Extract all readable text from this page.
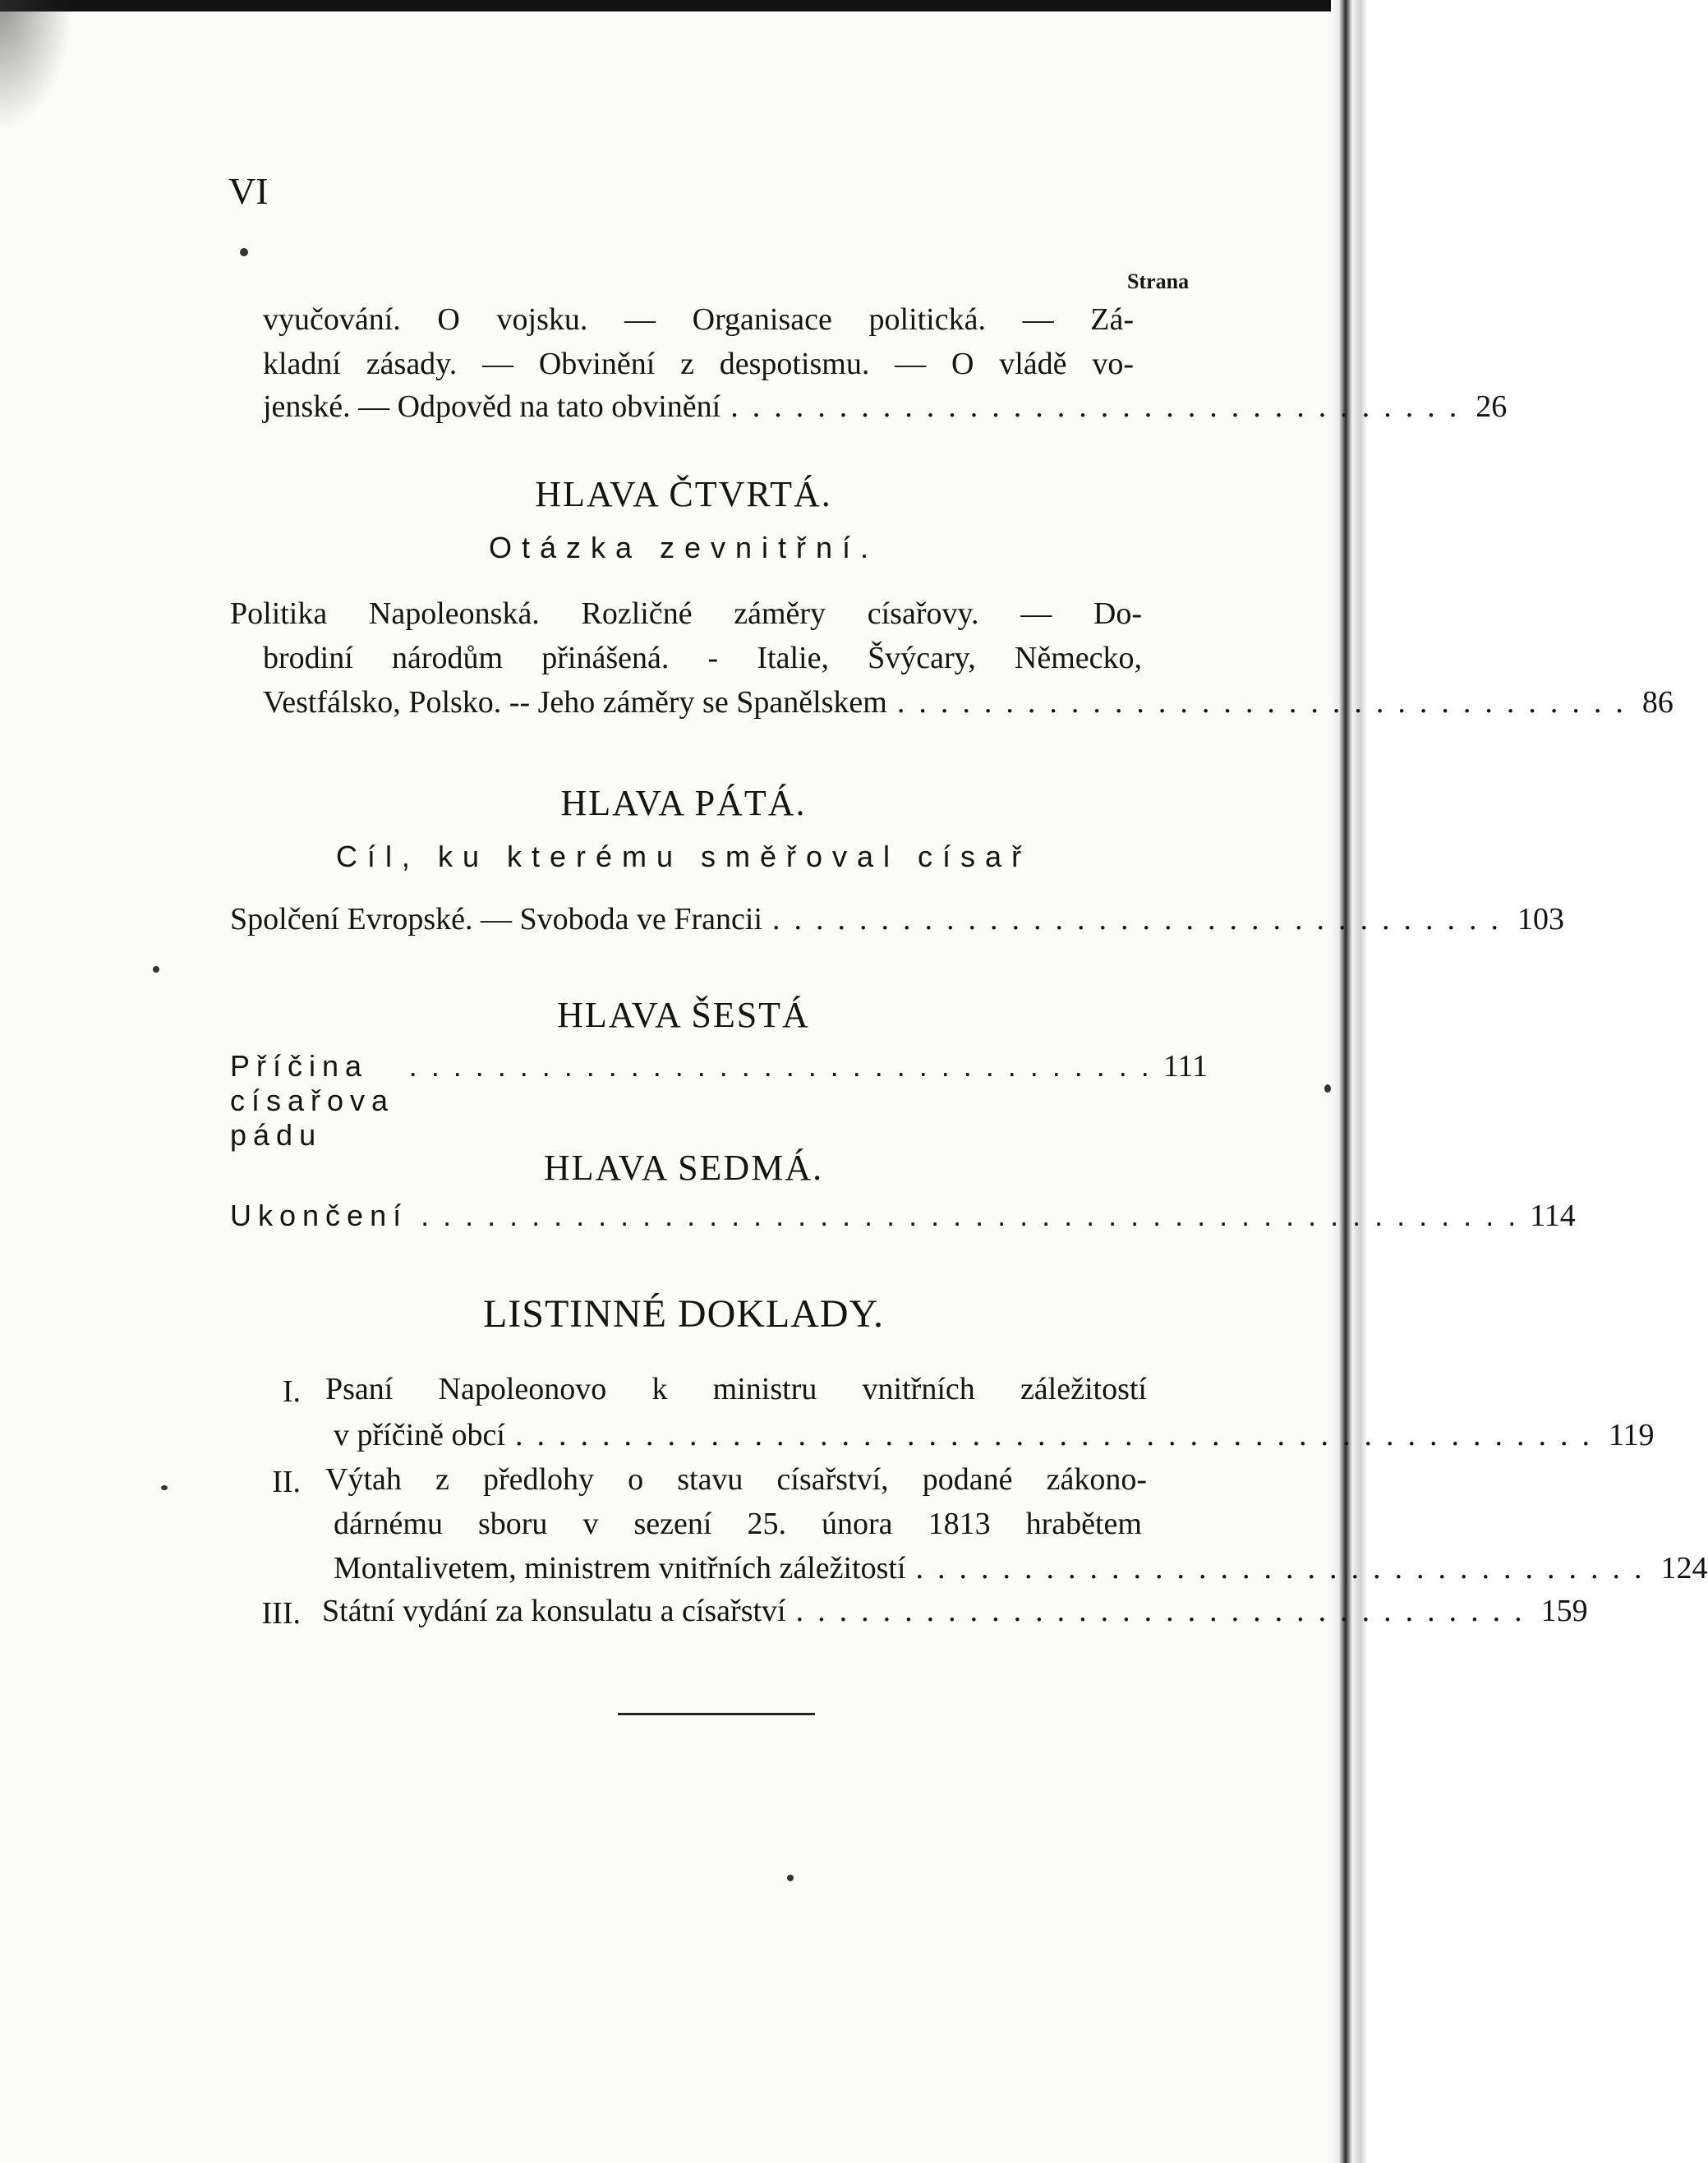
VI
Strana
vyučování. O vojsku. — Organisace politická. — Zá-
kladní zásady. — Obvinění z despotismu. — O vládě vo-
jenské. — Odpověd na tato obvinění .................................. 26
HLAVA ČTVRTÁ.
Otázka zevnitřní.
Politika Napoleonská. Rozličné záměry císařovy. — Do-
brodiní národům přinášená. - Italie, Švýcary, Německo,
Vestfálsko, Polsko. -- Jeho záměry se Spanělskem .................................. 86
HLAVA PÁTÁ.
Cíl, ku kterému směřoval císař
Spolčení Evropské. — Svoboda ve Francii .................................. 103
HLAVA ŠESTÁ
Příčina císařova pádu
.................................. 111
HLAVA SEDMÁ.
Ukončení .................................................. 114
LISTINNÉ DOKLADY.
I. Psaní Napoleonovo k ministru vnitřních záležitostí
v příčině obcí .................................................. 119
II. Výtah z předlohy o stavu císařství, podané zákono-
dárnému sboru v sezení 25. února 1813 hrabětem
Montalivetem, ministrem vnitřních záležitostí .................................. 124
III. Státní vydání za konsulatu a císařství .................................. 159
